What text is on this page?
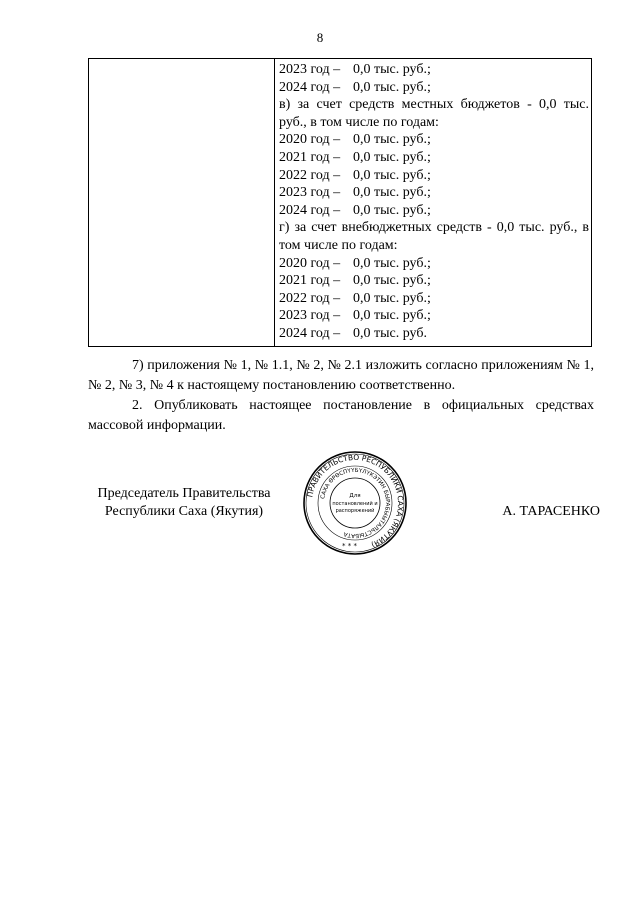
8
2023 год – 0,0 тыс. руб.;
2024 год – 0,0 тыс. руб.;
в) за счет средств местных бюджетов - 0,0 тыс. руб., в том числе по годам:
2020 год – 0,0 тыс. руб.;
2021 год – 0,0 тыс. руб.;
2022 год – 0,0 тыс. руб.;
2023 год – 0,0 тыс. руб.;
2024 год – 0,0 тыс. руб.;
г) за счет внебюджетных средств - 0,0 тыс. руб., в том числе по годам:
2020 год – 0,0 тыс. руб.;
2021 год – 0,0 тыс. руб.;
2022 год – 0,0 тыс. руб.;
2023 год – 0,0 тыс. руб.;
2024 год – 0,0 тыс. руб.
7) приложения № 1, № 1.1, № 2, № 2.1 изложить согласно приложениям № 1, № 2, № 3, № 4 к настоящему постановлению соответственно.
2. Опубликовать настоящее постановление в официальных средствах массовой информации.
Председатель Правительства
Республики Саха (Якутия)
ПРАВИТЕЛЬСТВО РЕСПУБЛИКИ САХА (ЯКУТИЯ)
САХА ӨРӨСПҮҮБҮЛҮКЭТИН БЫРАБЫЫТАЛЬСТЫБАТА
Для
постановлений и
распоряжений
* * *
А. ТАРАСЕНКО
